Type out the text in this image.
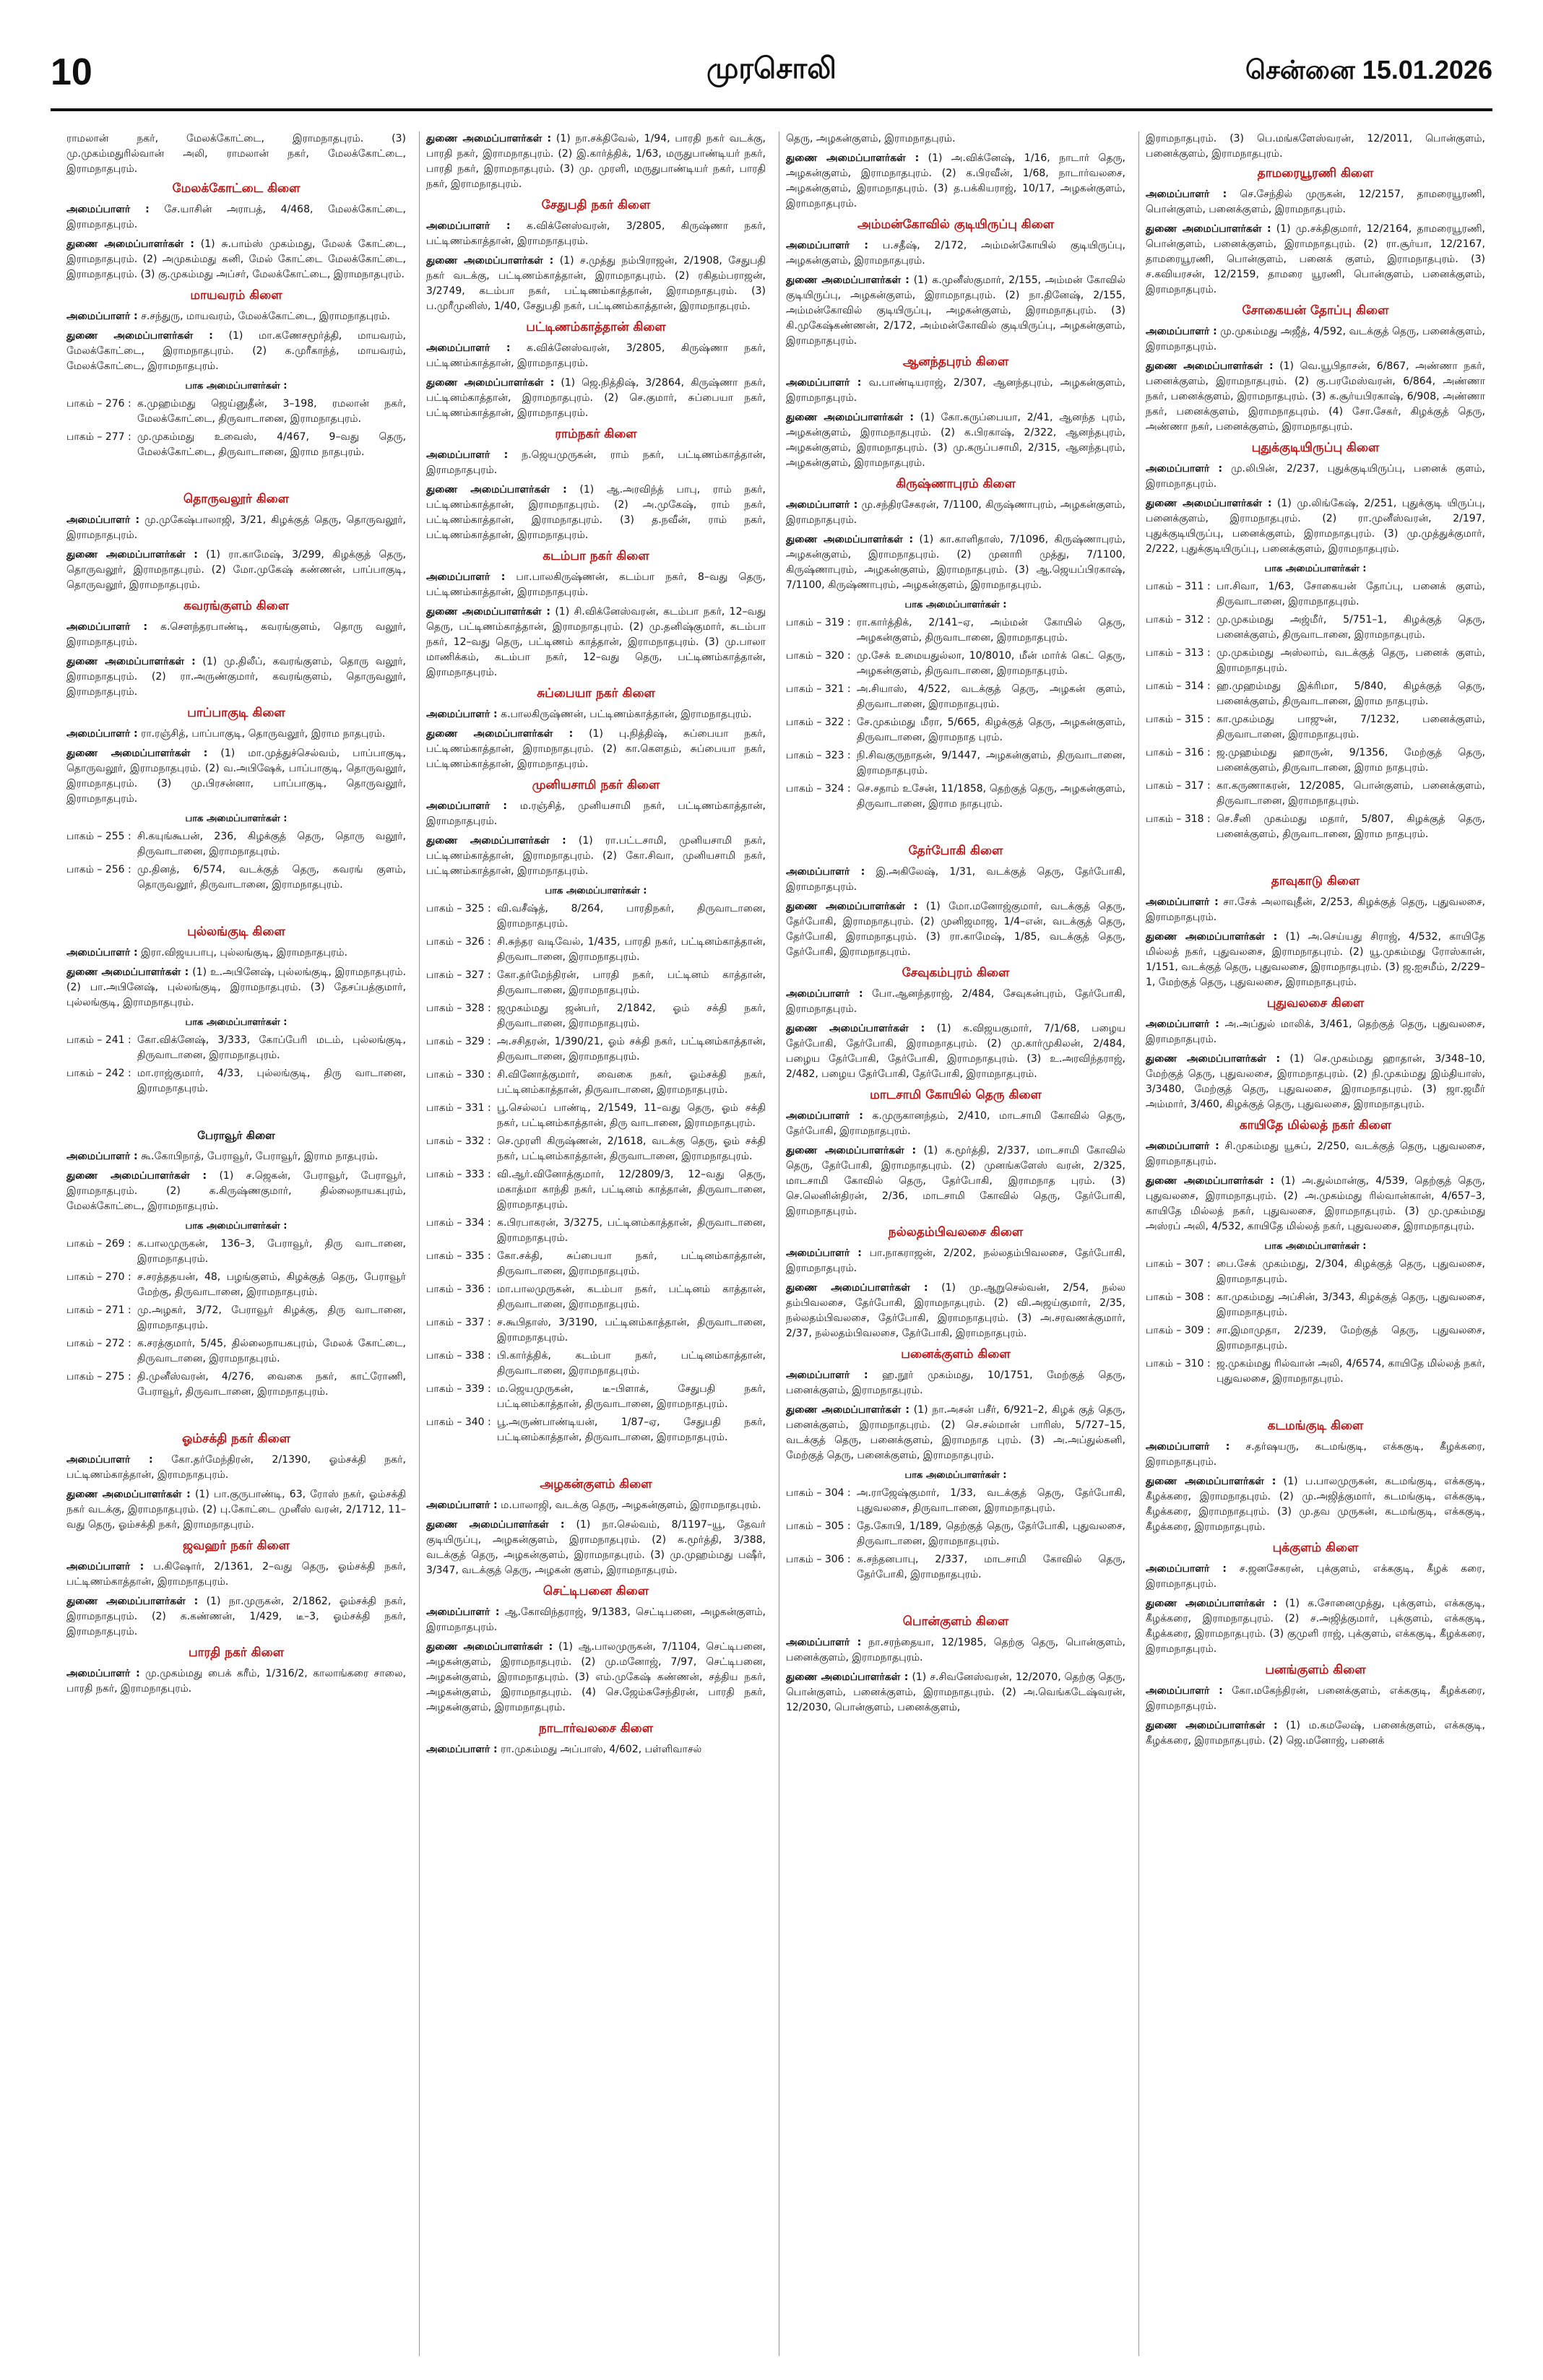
10	முரசொலி	சென்னை 15.01.2026

ராமலான் நகர், மேலக்கோட்டை, இராமநாதபுரம். (3) மு.முகம்மதுரில்வான் அலி, ராமலான் நகர், மேலக்கோட்டை, இராமநாதபுரம்.

மேலக்கோட்டை கிளை

அமைப்பாளர் : சே.யாசின் அராபத், 4/468, மேலக்கோட்டை, இராமநாதபுரம்.

துணை அமைப்பாளர்கள் : (1) சு.பாம்ஸ் முகம்மது, மேலக் கோட்டை, இராமநாதபுரம். (2) அமுகம்மது கனி, மேல் கோட்டை மேலக்கோட்டை, இராமநாதபுரம். (3) கு.முகம்மது அப்சர், மேலக்கோட்டை, இராமநாதபுரம்.

மாயவரம் கிளை

அமைப்பாளர் : ச.சந்துரு, மாயவரம், மேலக்கோட்டை, இராமநாதபுரம்.

துணை அமைப்பாளர்கள் : (1) மா.கணேசமூர்த்தி, மாயவரம், மேலக்கோட்டை, இராமநாதபுரம். (2) க.முரீகாந்த், மாயவரம், மேலக்கோட்டை, இராமநாதபுரம்.

பாக அமைப்பாளர்கள் :
பாகம் – 276 : க.முஹம்மது ஜெய்னுதீன், 3–198, ரமலான் நகர், மேலக்கோட்டை, திருவாடானை, இராமநாதபுரம்.
பாகம் – 277 : மு.முகம்மது உவைஸ், 4/467, 9–வது தெரு, மேலக்கோட்டை, திருவாடானை, இராம நாதபுரம்.
தொருவலூர் கிளை

அமைப்பாளர் : மு.முகேஷ்பாலாஜி, 3/21, கிழக்குத் தெரு, தொருவலூர், இராமநாதபுரம்.

துணை அமைப்பாளர்கள் : (1) ரா.காமேஷ், 3/299, கிழக்குத் தெரு, தொருவலூர், இராமநாதபுரம். (2) மோ.முகேஷ் கண்ணன், பாப்பாகுடி, தொருவலூர், இராமநாதபுரம்.

கவரங்குளம் கிளை

அமைப்பாளர் : க.சௌந்தரபாண்டி, கவரங்குளம், தொரு வலூர், இராமநாதபுரம்.

துணை அமைப்பாளர்கள் : (1) மு.திலீப், கவரங்குளம், தொரு வலூர், இராமநாதபுரம். (2) ரா.அருண்குமார், கவரங்குளம், தொருவலூர், இராமநாதபுரம்.

பாப்பாகுடி கிளை

அமைப்பாளர் : ரா.ரஞ்சித், பாப்பாகுடி, தொருவலூர், இராம நாதபுரம்.

துணை அமைப்பாளர்கள் : (1) மா.முத்துச்செல்வம், பாப்பாகுடி, தொருவலூர், இராமநாதபுரம். (2) வ.அபிஷேக், பாப்பாகுடி, தொருவலூர், இராமநாதபுரம். (3) மு.பிரசன்னா, பாப்பாகுடி, தொருவலூர், இராமநாதபுரம்.

பாக அமைப்பாளர்கள் :
பாகம் – 255 : சி.கயுங்கூபன், 236, கிழக்குத் தெரு, தொரு வலூர், திருவாடானை, இராமநாதபுரம்.
பாகம் – 256 : மு.தினத், 6/574, வடக்குத் தெரு, கவரங் குளம், தொருவலூர், திருவாடானை, இராமநாதபுரம்.
புல்லங்குடி கிளை

அமைப்பாளர் : இரா.விஜயபாபு, புல்லங்குடி, இராமநாதபுரம்.

துணை அமைப்பாளர்கள் : (1) உ.அபினேஷ், புல்லங்குடி, இராமநாதபுரம். (2) பா.அபினேஷ், புல்லங்குடி, இராமநாதபுரம். (3) தேசப்பத்குமார், புல்லங்குடி, இராமநாதபுரம்.

பாக அமைப்பாளர்கள் :
பாகம் – 241 : கோ.விக்னேஷ், 3/333, கோப்பேரி மடம், புல்லங்குடி, திருவாடானை, இராமநாதபுரம்.
பாகம் – 242 : மா.ராஜ்குமார், 4/33, புல்லங்குடி, திரு வாடானை, இராமநாதபுரம்.
பேராவூர் கிளை

அமைப்பாளர் : கூ.கோபிநாத், பேராவூர், பேராவூர், இராம நாதபுரம்.

துணை அமைப்பாளர்கள் : (1) ச.ஜெகன், பேராவூர், பேராவூர், இராமநாதபுரம். (2) க.கிருஷ்ணகுமார், தில்லைநாயகபுரம், மேலக்கோட்டை, இராமநாதபுரம்.

பாக அமைப்பாளர்கள் :
பாகம் – 269 : க.பாலமுருகன், 136–3, பேராவூர், திரு வாடானை, இராமநாதபுரம்.
பாகம் – 270 : ச.சரத்ததயன், 48, பழங்குளம், கிழக்குத் தெரு, பேராவூர் மேற்கு, திருவாடானை, இராமநாதபுரம்.
பாகம் – 271 : மு.அழகர், 3/72, பேராவூர் கிழக்கு, திரு வாடானை, இராமநாதபுரம்.
பாகம் – 272 : க.சரத்குமார், 5/45, தில்லைநாயகபுரம், மேலக் கோட்டை, திருவாடானை, இராமநாதபுரம்.
பாகம் – 275 : தி.முனீஸ்வரன், 4/276, வைகை நகர், காட்ரோணி, பேராவூர், திருவாடானை, இராமநாதபுரம்.
ஓம்சக்தி நகர் கிளை

அமைப்பாளர் : கோ.தர்மேந்திரன், 2/1390, ஓம்சக்தி நகர், பட்டிணம்காத்தான், இராமநாதபுரம்.

துணை அமைப்பாளர்கள் : (1) பா.குருபாண்டி, 63, ரோஸ் நகர், ஓம்சக்தி நகர் வடக்கு, இராமநாதபுரம். (2) பு.கோட்டை முனீஸ் வரன், 2/1712, 11–வது தெரு, ஓம்சக்தி நகர், இராமநாதபுரம்.

ஜவஹர் நகர் கிளை

அமைப்பாளர் : ப.கிஷோர், 2/1361, 2–வது தெரு, ஓம்சக்தி நகர், பட்டிணம்காத்தான், இராமநாதபுரம்.

துணை அமைப்பாளர்கள் : (1) நா.முருகன், 2/1862, ஓம்சக்தி நகர், இராமநாதபுரம். (2) க.கண்ணன், 1/429, டீ–3, ஓம்சக்தி நகர், இராமநாதபுரம்.

பாரதி நகர் கிளை

அமைப்பாளர் : மு.முகம்மது பைக் கரீம், 1/316/2, காலாங்கரை சாலை, பாரதி நகர், இராமநாதபுரம்.

துணை அமைப்பாளர்கள் : (1) நா.சக்திவேல், 1/94, பாரதி நகர் வடக்கு, பாரதி நகர், இராமநாதபுரம். (2) இ.கார்த்திக், 1/63, மருதுபாண்டியர் நகர், பாரதி நகர், இராமநாதபுரம். (3) மு. முரளி, மருதுபாண்டியர் நகர், பாரதி நகர், இராமநாதபுரம்.

சேதுபதி நகர் கிளை

அமைப்பாளர் : க.விக்னேஸ்வரன், 3/2805, கிருஷ்ணா நகர், பட்டிணம்காத்தான், இராமநாதபுரம்.

துணை அமைப்பாளர்கள் : (1) ச.முத்து நம்பிராஜன், 2/1908, சேதுபதி நகர் வடக்கு, பட்டிணம்காத்தான், இராமநாதபுரம். (2) ரகிதம்பராஜன், 3/2749, கடம்பா நகர், பட்டிணம்காத்தான், இராமநாதபுரம். (3) ப.முரீமுனிஸ், 1/40, சேதுபதி நகர், பட்டிணம்காத்தான், இராமநாதபுரம்.

பட்டிணம்காத்தான் கிளை

அமைப்பாளர் : க.விக்னேஸ்வரன், 3/2805, கிருஷ்ணா நகர், பட்டிணம்காத்தான், இராமநாதபுரம்.

துணை அமைப்பாளர்கள் : (1) ஜெ.நித்திஷ், 3/2864, கிருஷ்ணா நகர், பட்டினம்காத்தான், இராமநாதபுரம். (2) செ.குமார், சுப்பையா நகர், பட்டிணம்காத்தான், இராமநாதபுரம்.

ராம்நகர் கிளை

அமைப்பாளர் : ந.ஜெயமுருகன், ராம் நகர், பட்டிணம்காத்தான், இராமநாதபுரம்.

துணை அமைப்பாளர்கள் : (1) ஆ.அரவிந்த் பாபு, ராம் நகர், பட்டிணம்காத்தான், இராமநாதபுரம். (2) அ.முகேஷ், ராம் நகர், பட்டிணம்காத்தான், இராமநாதபுரம். (3) த.நவீன், ராம் நகர், பட்டிணம்காத்தான், இராமநாதபுரம்.

கடம்பா நகர் கிளை

அமைப்பாளர் : பா.பாலகிருஷ்ணன், கடம்பா நகர், 8–வது தெரு, பட்டிணம்காத்தான், இராமநாதபுரம்.

துணை அமைப்பாளர்கள் : (1) சி.விக்னேஸ்வரன், கடம்பா நகர், 12–வது தெரு, பட்டிணம்காத்தான், இராமநாதபுரம். (2) மு.தனிஷ்குமார், கடம்பா நகர், 12–வது தெரு, பட்டிணம் காத்தான், இராமநாதபுரம். (3) மு.பாலா மாணிக்கம், கடம்பா நகர், 12–வது தெரு, பட்டிணம்காத்தான், இராமநாதபுரம்.

சுப்பையா நகர் கிளை

அமைப்பாளர் : க.பாலகிருஷ்ணன், பட்டிணம்காத்தான், இராமநாதபுரம்.

துணை அமைப்பாளர்கள் : (1) பு.நித்திஷ், சுப்பையா நகர், பட்டிணம்காத்தான், இராமநாதபுரம். (2) கா.கௌதம், சுப்பையா நகர், பட்டிணம்காத்தான், இராமநாதபுரம்.

முனியசாமி நகர் கிளை

அமைப்பாளர் : ம.ரஞ்சித், முனியசாமி நகர், பட்டிணம்காத்தான், இராமநாதபுரம்.

துணை அமைப்பாளர்கள் : (1) ரா.பட்டசாமி, முனியசாமி நகர், பட்டிணம்காத்தான், இராமநாதபுரம். (2) கோ.சிவா, முனியசாமி நகர், பட்டிணம்காத்தான், இராமநாதபுரம்.

பாக அமைப்பாளர்கள் :
பாகம் – 325 : வி.வசீஷ்த், 8/264, பாரதிநகர், திருவாடானை, இராமநாதபுரம்.
பாகம் – 326 : சி.சுந்தர வடிவேல், 1/435, பாரதி நகர், பட்டினம்காத்தான், திருவாடானை, இராமநாதபுரம்.
பாகம் – 327 : கோ.தர்மேந்திரன், பாரதி நகர், பட்டினம் காத்தான், திருவாடானை, இராமநாதபுரம்.
பாகம் – 328 : ஜமுகம்மது ஜன்பர், 2/1842, ஓம் சக்தி நகர், திருவாடானை, இராமநாதபுரம்.
பாகம் – 329 : அ.சசிதரன், 1/390/21, ஓம் சக்தி நகர், பட்டினம்காத்தான், திருவாடானை, இராமநாதபுரம்.
பாகம் – 330 : சி.வினோத்குமார், வைகை நகர், ஓம்சக்தி நகர், பட்டினம்காத்தான், திருவாடானை, இராமநாதபுரம்.
பாகம் – 331 : பூ.செல்லப் பாண்டி, 2/1549, 11–வது தெரு, ஓம் சக்தி நகர், பட்டினம்காத்தான், திரு வாடானை, இராமநாதபுரம்.
பாகம் – 332 : செ.முரளி கிருஷ்ணன், 2/1618, வடக்கு தெரு, ஓம் சக்தி நகர், பட்டினம்காத்தான், திருவாடானை, இராமநாதபுரம்.
பாகம் – 333 : வி.ஆர்.வினோத்குமார், 12/2809/3, 12–வது தெரு, மகாத்மா காந்தி நகர், பட்டினம் காத்தான், திருவாடானை, இராமநாதபுரம்.
பாகம் – 334 : க.பிரபாகரன், 3/3275, பட்டினம்காத்தான், திருவாடானை, இராமநாதபுரம்.
பாகம் – 335 : கோ.சக்தி, சுப்பையா நகர், பட்டினம்காத்தான், திருவாடானை, இராமநாதபுரம்.
பாகம் – 336 : மா.பாலமுருகன், கடம்பா நகர், பட்டினம் காத்தான், திருவாடானை, இராமநாதபுரம்.
பாகம் – 337 : ச.கூபிதாஸ், 3/3190, பட்டினம்காத்தான், திருவாடானை, இராமநாதபுரம்.
பாகம் – 338 : பி.கார்த்திக், கடம்பா நகர், பட்டினம்காத்தான், திருவாடானை, இராமநாதபுரம்.
பாகம் – 339 : ம.ஜெயமுருகன், டீ–பிளாக், சேதுபதி நகர், பட்டினம்காத்தான், திருவாடானை, இராமநாதபுரம்.
பாகம் – 340 : பூ.அருண்பாண்டியன், 1/87–ஏ, சேதுபதி நகர், பட்டினம்காத்தான், திருவாடானை, இராமநாதபுரம்.
அழகன்குளம் கிளை

அமைப்பாளர் : ம.பாலாஜி, வடக்கு தெரு, அழகன்குளம், இராமநாதபுரம்.

துணை அமைப்பாளர்கள் : (1) நா.செல்வம், 8/1197–யூ, தேவர் குடியிருப்பு, அழகன்குளம், இராமநாதபுரம். (2) க.மூர்த்தி, 3/388, வடக்குத் தெரு, அழகன்குளம், இராமநாதபுரம். (3) மு.முஹம்மது பஷீர், 3/347, வடக்குத் தெரு, அழகன் குளம், இராமநாதபுரம்.

செட்டிபனை கிளை

அமைப்பாளர் : ஆ.கோவிந்தராஜ், 9/1383, செட்டிபனை, அழகன்குளம், இராமநாதபுரம்.

துணை அமைப்பாளர்கள் : (1) ஆ.பாலமுருகன், 7/1104, செட்டிபனை, அழகன்குளம், இராமநாதபுரம். (2) மு.மனோஜ், 7/97, செட்டிபனை, அழகன்குளம், இராமநாதபுரம். (3) எம்.முகேஷ் கண்ணன், சத்திய நகர், அழகன்குளம், இராமநாதபுரம். (4) செ.ஜேம்சுசேந்திரன், பாரதி நகர், அழகன்குளம், இராமநாதபுரம்.

நாடார்வலசை கிளை

அமைப்பாளர் : ரா.முகம்மது அப்பாஸ், 4/602, பள்ளிவாசல்

தெரு, அழகன்குளம், இராமநாதபுரம்.

துணை அமைப்பாளர்கள் : (1) அ.விக்னேஷ், 1/16, நாடார் தெரு, அழகன்குளம், இராமநாதபுரம். (2) க.பிரவீன், 1/68, நாடார்வலசை, அழகன்குளம், இராமநாதபுரம். (3) த.பக்கியராஜ், 10/17, அழகன்குளம், இராமநாதபுரம்.

அம்மன்கோவில் குடியிருப்பு கிளை

அமைப்பாளர் : ப.சதீஷ், 2/172, அம்மன்கோயில் குடியிருப்பு, அழகன்குளம், இராமநாதபுரம்.

துணை அமைப்பாளர்கள் : (1) க.முனீஸ்குமார், 2/155, அம்மன் கோவில் குடியிருப்பு, அழகன்குளம், இராமநாதபுரம். (2) நா.தினேஷ், 2/155, அம்மன்கோவில் குடியிருப்பு, அழகன்குளம், இராமநாதபுரம். (3) கி.முகேஷ்கண்ணன், 2/172, அம்மன்கோவில் குடியிருப்பு, அழகன்குளம், இராமநாதபுரம்.

ஆனந்தபுரம் கிளை

அமைப்பாளர் : வ.பாண்டியராஜ், 2/307, ஆனந்தபுரம், அழகன்குளம், இராமநாதபுரம்.

துணை அமைப்பாளர்கள் : (1) கோ.கருப்பையா, 2/41, ஆனந்த புரம், அழகன்குளம், இராமநாதபுரம். (2) க.பிரகாஷ், 2/322, ஆனந்தபுரம், அழகன்குளம், இராமநாதபுரம். (3) மு.கருப்பசாமி, 2/315, ஆனந்தபுரம், அழகன்குளம், இராமநாதபுரம்.

கிருஷ்ணாபுரம் கிளை

அமைப்பாளர் : மு.சந்திரசேகரன், 7/1100, கிருஷ்ணாபுரம், அழகன்குளம், இராமநாதபுரம்.

துணை அமைப்பாளர்கள் : (1) கா.காளிதாஸ், 7/1096, கிருஷ்ணாபுரம், அழகன்குளம், இராமநாதபுரம். (2) முனாரி முத்து, 7/1100, கிருஷ்ணாபுரம், அழகன்குளம், இராமநாதபுரம். (3) ஆ.ஜெயப்பிரகாஷ், 7/1100, கிருஷ்ணாபுரம், அழகன்குளம், இராமநாதபுரம்.

பாக அமைப்பாளர்கள் :
பாகம் – 319 : ரா.கார்த்திக், 2/141–ஏ, அம்மன் கோயில் தெரு, அழகன்குளம், திருவாடானை, இராமநாதபுரம்.
பாகம் – 320 : மு.சேக் உமையதுல்லா, 10/8010, மீன் மார்க் கெட் தெரு, அழகன்குளம், திருவாடானை, இராமநாதபுரம்.
பாகம் – 321 : அ.சியாஸ், 4/522, வடக்குத் தெரு, அழகன் குளம், திருவாடானை, இராமநாதபுரம்.
பாகம் – 322 : சே.முகம்மது மீரா, 5/665, கிழக்குத் தெரு, அழகன்குளம், திருவாடானை, இராமநாத புரம்.
பாகம் – 323 : நி.சிவகுருநாதன், 9/1447, அழகன்குளம், திருவாடானை, இராமநாதபுரம்.
பாகம் – 324 : செ.சதாம் உசேன், 11/1858, தெற்குத் தெரு, அழகன்குளம், திருவாடானை, இராம நாதபுரம்.
தேர்போகி கிளை

அமைப்பாளர் : இ.அகிலேஷ், 1/31, வடக்குத் தெரு, தேர்போகி, இராமநாதபுரம்.

துணை அமைப்பாளர்கள் : (1) மோ.மனோஜ்குமார், வடக்குத் தெரு, தேர்போகி, இராமநாதபுரம். (2) முனிஜமாஜ, 1/4–என், வடக்குத் தெரு, தேர்போகி, இராமநாதபுரம். (3) ரா.காமேஷ், 1/85, வடக்குத் தெரு, தேர்போகி, இராமநாதபுரம்.

சேவுகம்புரம் கிளை

அமைப்பாளர் : போ.ஆனந்தராஜ், 2/484, சேவுகன்புரம், தேர்போகி, இராமநாதபுரம்.

துணை அமைப்பாளர்கள் : (1) க.விஜயகுமார், 7/1/68, பழைய தேர்போகி, தேர்போகி, இராமநாதபுரம். (2) மு.கார்முகிலன், 2/484, பழைய தேர்போகி, தேர்போகி, இராமநாதபுரம். (3) உ.அரவிந்தராஜ், 2/482, பழைய தேர்போகி, தேர்போகி, இராமநாதபுரம்.

மாடசாமி கோயில் தெரு கிளை

அமைப்பாளர் : க.முருகானந்தம், 2/410, மாடசாமி கோவில் தெரு, தேர்போகி, இராமநாதபுரம்.

துணை அமைப்பாளர்கள் : (1) க.மூர்த்தி, 2/337, மாடசாமி கோவில் தெரு, தேர்போகி, இராமநாதபுரம். (2) முனங்களேஸ் வரன், 2/325, மாடசாமி கோவில் தெரு, தேர்போகி, இராமநாத புரம். (3) செ.லெனின்திரன், 2/36, மாடசாமி கோவில் தெரு, தேர்போகி, இராமநாதபுரம்.

நல்லதம்பிவலசை கிளை

அமைப்பாளர் : பா.நாகராஜன், 2/202, நல்லதம்பிவலசை, தேர்போகி, இராமநாதபுரம்.

துணை அமைப்பாளர்கள் : (1) மு.ஆறுசெல்வன், 2/54, நல்ல தம்பிவலசை, தேர்போகி, இராமநாதபுரம். (2) வி.அஜய்குமார், 2/35, நல்லதம்பிவலசை, தேர்போகி, இராமநாதபுரம். (3) அ.சரவணக்குமார், 2/37, நல்லதம்பிவலசை, தேர்போகி, இராமநாதபுரம்.

பனைக்குளம் கிளை

அமைப்பாளர் : ஹ.நூர் முகம்மது, 10/1751, மேற்குத் தெரு, பனைக்குளம், இராமநாதபுரம்.

துணை அமைப்பாளர்கள் : (1) நா.அசன் பசீர், 6/921–2, கிழக் குத் தெரு, பனைக்குளம், இராமநாதபுரம். (2) செ.சல்மான் பாரிஸ், 5/727–15, வடக்குத் தெரு, பனைக்குளம், இராமநாத புரம். (3) அ.அப்துல்கனி, மேற்குத் தெரு, பனைக்குளம், இராமநாதபுரம்.

பாக அமைப்பாளர்கள் :
பாகம் – 304 : அ.ராஜேஷ்குமார், 1/33, வடக்குத் தெரு, தேர்போகி, புதுவலசை, திருவாடானை, இராமநாதபுரம்.
பாகம் – 305 : தே.கோபி, 1/189, தெற்குத் தெரு, தேர்போகி, புதுவலசை, திருவாடானை, இராமநாதபுரம்.
பாகம் – 306 : க.சந்தனபாபு, 2/337, மாடசாமி கோவில் தெரு, தேர்போகி, இராமநாதபுரம்.
பொன்குளம் கிளை

அமைப்பாளர் : நா.சரந்தையா, 12/1985, தெற்கு தெரு, பொன்குளம், பனைக்குளம், இராமநாதபுரம்.

துணை அமைப்பாளர்கள் : (1) ச.சிவனேஸ்வரன், 12/2070, தெற்கு தெரு, பொன்குளம், பனைக்குளம், இராமநாதபுரம். (2) அ.வெங்கடேஷ்வரன், 12/2030, பொன்குளம், பனைக்குளம்,

இராமநாதபுரம். (3) பெ.மங்களேஸ்வரன், 12/2011, பொன்குளம், பனைக்குளம், இராமநாதபுரம்.

தாமரையூரணி கிளை

அமைப்பாளர் : செ.சேந்தில் முருகன், 12/2157, தாமரையூரணி, பொன்குளம், பனைக்குளம், இராமநாதபுரம்.

துணை அமைப்பாளர்கள் : (1) மு.சக்திகுமார், 12/2164, தாமரையூரணி, பொன்குளம், பனைக்குளம், இராமநாதபுரம். (2) ரா.சூர்யா, 12/2167, தாமரையூரணி, பொன்குளம், பனைக் குளம், இராமநாதபுரம். (3) ச.கவியரசன், 12/2159, தாமரை யூரணி, பொன்குளம், பனைக்குளம், இராமநாதபுரம்.

சோகையன் தோப்பு கிளை

அமைப்பாளர் : மு.முகம்மது அஜீத், 4/592, வடக்குத் தெரு, பனைக்குளம், இராமநாதபுரம்.

துணை அமைப்பாளர்கள் : (1) வெ.யூபிதாசன், 6/867, அண்ணா நகர், பனைக்குளம், இராமநாதபுரம். (2) கு.பரமேஸ்வரன், 6/864, அண்ணா நகர், பனைக்குளம், இராமநாதபுரம். (3) க.சூர்யபிரகாஷ், 6/908, அண்ணா நகர், பனைக்குளம், இராமநாதபுரம். (4) சோ.சேகர், கிழக்குத் தெரு, அண்ணா நகர், பனைக்குளம், இராமநாதபுரம்.

புதுக்குடியிருப்பு கிளை

அமைப்பாளர் : மு.லிபின், 2/237, புதுக்குடியிருப்பு, பனைக் குளம், இராமநாதபுரம்.

துணை அமைப்பாளர்கள் : (1) மு.லிங்கேஷ், 2/251, புதுக்குடி யிருப்பு, பனைக்குளம், இராமநாதபுரம். (2) ரா.முனீஸ்வரன், 2/197, புதுக்குடியிருப்பு, பனைக்குளம், இராமநாதபுரம். (3) மு.முத்துக்குமார், 2/222, புதுக்குடியிருப்பு, பனைக்குளம், இராமநாதபுரம்.

பாக அமைப்பாளர்கள் :
பாகம் – 311 : பா.சிவா, 1/63, சோகையன் தோப்பு, பனைக் குளம், திருவாடானை, இராமநாதபுரம்.
பாகம் – 312 : மு.முகம்மது அஜ்மீர், 5/751–1, கிழக்குத் தெரு, பனைக்குளம், திருவாடானை, இராமநாதபுரம்.
பாகம் – 313 : மு.முகம்மது அஸ்லாம், வடக்குத் தெரு, பனைக் குளம், இராமநாதபுரம்.
பாகம் – 314 : ஹ.முஹம்மது இக்ரிமா, 5/840, கிழக்குத் தெரு, பனைக்குளம், திருவாடானை, இராம நாதபுரம்.
பாகம் – 315 : கா.முகம்மது பாஜுன், 7/1232, பனைக்குளம், திருவாடானை, இராமநாதபுரம்.
பாகம் – 316 : ஜ.முஹம்மது ஹாருன், 9/1356, மேற்குத் தெரு, பனைக்குளம், திருவாடானை, இராம நாதபுரம்.
பாகம் – 317 : கா.கருணாகரன், 12/2085, பொன்குளம், பனைக்குளம், திருவாடானை, இராமநாதபுரம்.
பாகம் – 318 : செ.சீனி முகம்மது மதார், 5/807, கிழக்குத் தெரு, பனைக்குளம், திருவாடானை, இராம நாதபுரம்.
தாவுகாடு கிளை

அமைப்பாளர் : சா.சேக் அலாவுதீன், 2/253, கிழக்குத் தெரு, புதுவலசை, இராமநாதபுரம்.

துணை அமைப்பாளர்கள் : (1) அ.செய்யது சிராஜ், 4/532, காயிதே மில்லத் நகர், புதுவலசை, இராமநாதபுரம். (2) யூ.முகம்மது ரோஸ்கான், 1/151, வடக்குத் தெரு, புதுவலசை, இராமநாதபுரம். (3) ஜ.ஐசமீம், 2/229–1, மேற்குத் தெரு, புதுவலசை, இராமநாதபுரம்.

புதுவலசை கிளை

அமைப்பாளர் : அ.அப்துல் மாலிக், 3/461, தெற்குத் தெரு, புதுவலசை, இராமநாதபுரம்.

துணை அமைப்பாளர்கள் : (1) செ.முகம்மது ஹாதான், 3/348–10, மேற்குத் தெரு, புதுவலசை, இராமநாதபுரம். (2) நி.முகம்மது இம்தியாஸ், 3/3480, மேற்குத் தெரு, புதுவலசை, இராமநாதபுரம். (3) ஜா.ஜமீர் அம்மார், 3/460, கிழக்குத் தெரு, புதுவலசை, இராமநாதபுரம்.

காயிதே மில்லத் நகர் கிளை

அமைப்பாளர் : சி.முகம்மது யூசுப், 2/250, வடக்குத் தெரு, புதுவலசை, இராமநாதபுரம்.

துணை அமைப்பாளர்கள் : (1) அ.துல்மான்கு, 4/539, தெற்குத் தெரு, புதுவலசை, இராமநாதபுரம். (2) அ.முகம்மது ரில்வான்கான், 4/657–3, காயிதே மில்லத் நகர், புதுவலசை, இராமநாதபுரம். (3) மு.முகம்மது அஸ்ரப் அலி, 4/532, காயிதே மில்லத் நகர், புதுவலசை, இராமநாதபுரம்.

பாக அமைப்பாளர்கள் :
பாகம் – 307 : பை.சேக் முகம்மது, 2/304, கிழக்குத் தெரு, புதுவலசை, இராமநாதபுரம்.
பாகம் – 308 : கா.முகம்மது அப்சின், 3/343, கிழக்குத் தெரு, புதுவலசை, இராமநாதபுரம்.
பாகம் – 309 : சா.இமாமுதா, 2/239, மேற்குத் தெரு, புதுவலசை, இராமநாதபுரம்.
பாகம் – 310 : ஜ.முகம்மது ரில்வான் அலி, 4/6574, காயிதே மில்லத் நகர், புதுவலசை, இராமநாதபுரம்.
கடமங்குடி கிளை

அமைப்பாளர் : ச.தர்ஷயரு, கடமங்குடி, எக்ககுடி, கீழக்கரை, இராமநாதபுரம்.

துணை அமைப்பாளர்கள் : (1) ப.பாலமுருகன், கடமங்குடி, எக்ககுடி, கீழக்கரை, இராமநாதபுரம். (2) மு.அஜித்குமார், கடமங்குடி, எக்ககுடி, கீழக்கரை, இராமநாதபுரம். (3) மு.தவ முருகன், கடமங்குடி, எக்ககுடி, கீழக்கரை, இராமநாதபுரம்.

புக்குளம் கிளை

அமைப்பாளர் : ச.ஜனசேகரன், புக்குளம், எக்ககுடி, கீழக் கரை, இராமநாதபுரம்.

துணை அமைப்பாளர்கள் : (1) க.சோனைமுத்து, புக்குளம், எக்ககுடி, கீழக்கரை, இராமநாதபுரம். (2) ச.அஜித்குமார், புக்குளம், எக்ககுடி, கீழக்கரை, இராமநாதபுரம். (3) குமுளி ராஜ், புக்குளம், எக்ககுடி, கீழக்கரை, இராமநாதபுரம்.

பனங்குளம் கிளை

அமைப்பாளர் : கோ.மகேந்திரன், பனைக்குளம், எக்ககுடி, கீழக்கரை, இராமநாதபுரம்.

துணை அமைப்பாளர்கள் : (1) ம.கமலேஷ், பனைக்குளம், எக்ககுடி, கீழக்கரை, இராமநாதபுரம். (2) ஜெ.மனோஜ், பனைக்
